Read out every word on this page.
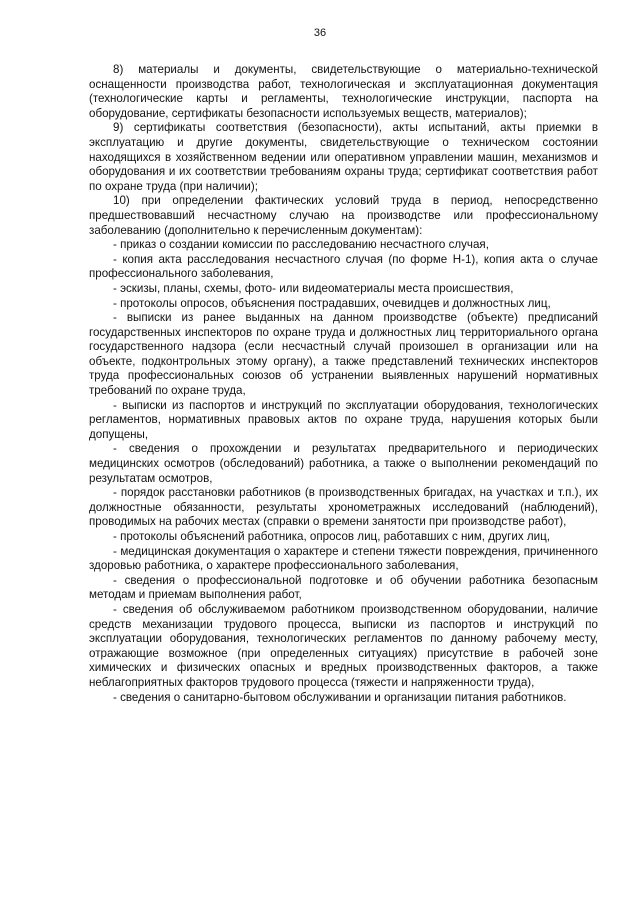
36

8) материалы и документы, свидетельствующие о материально-технической оснащенности производства работ, технологическая и эксплуатационная документация (технологические карты и регламенты, технологические инструкции, паспорта на оборудование, сертификаты безопасности используемых веществ, материалов);

9) сертификаты соответствия (безопасности), акты испытаний, акты приемки в эксплуатацию и другие документы, свидетельствующие о техническом состоянии находящихся в хозяйственном ведении или оперативном управлении машин, механизмов и оборудования и их соответствии требованиям охраны труда; сертификат соответствия работ по охране труда (при наличии);

10) при определении фактических условий труда в период, непосредственно предшествовавший несчастному случаю на производстве или профессиональному заболеванию (дополнительно к перечисленным документам):

- приказ о создании комиссии по расследованию несчастного случая,

- копия акта расследования несчастного случая (по форме Н-1), копия акта о случае профессионального заболевания,

- эскизы, планы, схемы, фото- или видеоматериалы места происшествия,

- протоколы опросов, объяснения пострадавших, очевидцев и должностных лиц,

- выписки из ранее выданных на данном производстве (объекте) предписаний государственных инспекторов по охране труда и должностных лиц территориального органа государственного надзора (если несчастный случай произошел в организации или на объекте, подконтрольных этому органу), а также представлений технических инспекторов труда профессиональных союзов об устранении выявленных нарушений нормативных требований по охране труда,

- выписки из паспортов и инструкций по эксплуатации оборудования, технологических регламентов, нормативных правовых актов по охране труда, нарушения которых были допущены,

- сведения о прохождении и результатах предварительного и периодических медицинских осмотров (обследований) работника, а также о выполнении рекомендаций по результатам осмотров,

- порядок расстановки работников (в производственных бригадах, на участках и т.п.), их должностные обязанности, результаты хронометражных исследований (наблюдений), проводимых на рабочих местах (справки о времени занятости при производстве работ),

- протоколы объяснений работника, опросов лиц, работавших с ним, других лиц,

- медицинская документация о характере и степени тяжести повреждения, причиненного здоровью работника, о характере профессионального заболевания,

- сведения о профессиональной подготовке и об обучении работника безопасным методам и приемам выполнения работ,

- сведения об обслуживаемом работником производственном оборудовании, наличие средств механизации трудового процесса, выписки из паспортов и инструкций по эксплуатации оборудования, технологических регламентов по данному рабочему месту, отражающие возможное (при определенных ситуациях) присутствие в рабочей зоне химических и физических опасных и вредных производственных факторов, а также неблагоприятных факторов трудового процесса (тяжести и напряженности труда),

- сведения о санитарно-бытовом обслуживании и организации питания работников.
